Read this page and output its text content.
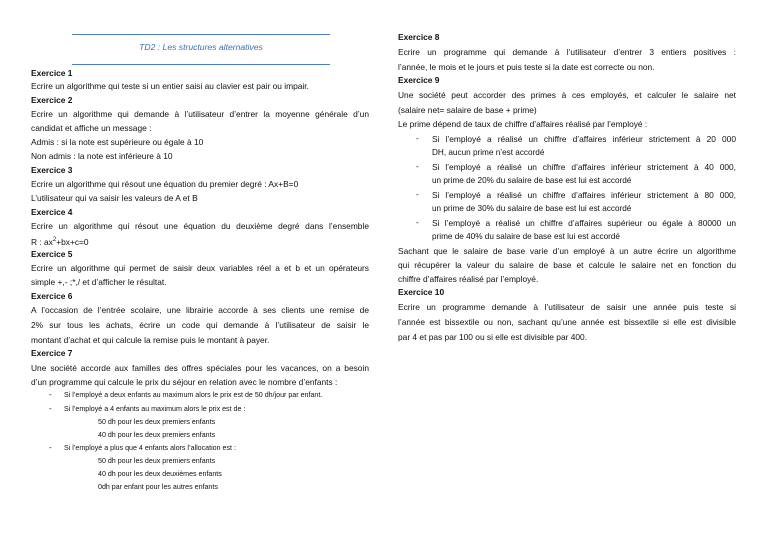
TD2 : Les structures alternatives
Exercice 1
Ecrire un algorithme qui teste si un entier saisi au clavier est pair ou impair.
Exercice 2
Ecrire un algorithme qui demande à l’utilisateur d’entrer la moyenne générale d’un
candidat et affiche un message :
Admis : si la note est supérieure ou égale à 10
Non admis : la note est inférieure à 10
Exercice 3
Ecrire un algorithme qui résout une équation du premier degré : Ax+B=0
L’utilisateur qui va saisir les valeurs de A et B
Exercice 4
Ecrire un algorithme qui résout une équation du deuxième degré dans l’ensemble
R : $ax^2+bx+c=0$
Exercice 5
Ecrire un algorithme qui permet de saisir deux variables réel a et b et un opérateurs
simple +,- ;*,/ et d’afficher le résultat.
Exercice 6
A l’occasion de l’entrée scolaire, une librairie accorde à ses clients une remise de
2% sur tous les achats, écrire un code qui demande à l’utilisateur de saisir le
montant d’achat et qui calcule la remise puis le montant à payer.
Exercice 7
Une société accorde aux familles des offres spéciales pour les vacances, on a besoin
d’un programme qui calcule le prix du séjour en relation avec le nombre d’enfants :
- Si l’employé a deux enfants au maximum alors le prix est de 50 dh/jour par enfant.
- Si l’employé a 4 enfants au maximum alors le prix est de :
50 dh pour les deux premiers enfants
40 dh pour les deux premiers enfants
- Si l’employé a plus que 4 enfants alors l’allocation est :
50 dh pour les deux premiers enfants
40 dh pour les deux deuxièmes enfants
0dh par enfant pour les autres enfants
Exercice 8
Ecrire un programme qui demande à l’utilisateur d’entrer 3 entiers positives :
l’année, le mois et le jours et puis teste si la date est correcte ou non.
Exercice 9
Une société peut accorder des primes à ces employés, et calculer le salaire net
(salaire net= salaire de base + prime)
Le prime dépend de taux de chiffre d’affaires réalisé par l’employé :
- Si l’employé a réalisé un chiffre d’affaires inférieur strictement à 20 000
DH, aucun prime n’est accordé
- Si l’employé a réalisé un chiffre d’affaires inférieur strictement à 40 000,
un prime de 20% du salaire de base est lui est accordé
- Si l’employé a réalisé un chiffre d’affaires inférieur strictement à 80 000,
un prime de 30% du salaire de base est lui est accordé
- Si l’employé a réalisé un chiffre d’affaires supérieur ou égale à 80000 un
prime de 40% du salaire de base est lui est accordé
Sachant que le salaire de base varie d’un employé à un autre écrire un algorithme
qui récupérer la valeur du salaire de base et calcule le salaire net en fonction du
chiffre d’affaires réalisé par l’employé.
Exercice 10
Ecrire un programme demande à l’utilisateur de saisir une année puis teste si
l’année est bissextile ou non, sachant qu’une année est bissextile si elle est divisible
par 4 et pas par 100 ou si elle est divisible par 400.
